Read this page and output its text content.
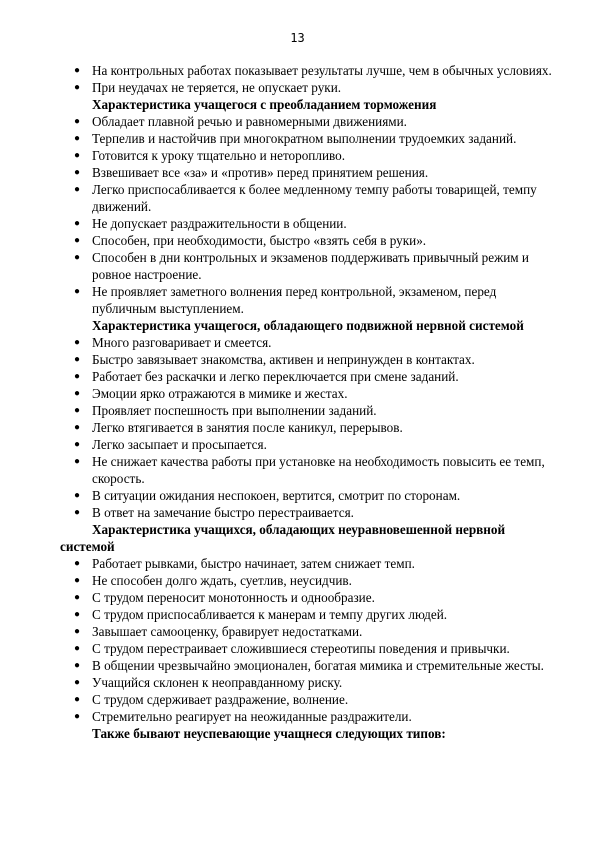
13
● На контрольных работах показывает результаты лучше, чем в обычных условиях.
● При неудачах не теряется, не опускает руки.
Характеристика учащегося с преобладанием торможения
● Обладает плавной речью и равномерными движениями.
● Терпелив и настойчив при многократном выполнении трудоемких заданий.
● Готовится к уроку тщательно и неторопливо.
● Взвешивает все «за» и «против» перед принятием решения.
● Легко приспосабливается к более медленному темпу работы товарищей, темпу движений.
● Не допускает раздражительности в общении.
● Способен, при необходимости, быстро «взять себя в руки».
● Способен в дни контрольных и экзаменов поддерживать привычный режим и ровное настроение.
● Не проявляет заметного волнения перед контрольной, экзаменом, перед публичным выступлением.
Характеристика учащегося, обладающего подвижной нервной системой
● Много разговаривает и смеется.
● Быстро завязывает знакомства, активен и непринужден в контактах.
● Работает без раскачки и легко переключается при смене заданий.
● Эмоции ярко отражаются в мимике и жестах.
● Проявляет поспешность при выполнении заданий.
● Легко втягивается в занятия после каникул, перерывов.
● Легко засыпает и просыпается.
● Не снижает качества работы при установке на необходимость повысить ее темп, скорость.
● В ситуации ожидания неспокоен, вертится, смотрит по сторонам.
● В ответ на замечание быстро перестраивается.
Характеристика учащихся, обладающих неуравновешенной нервной системой
● Работает рывками, быстро начинает, затем снижает темп.
● Не способен долго ждать, суетлив, неусидчив.
● С трудом переносит монотонность и однообразие.
● С трудом приспосабливается к манерам и темпу других людей.
● Завышает самооценку, бравирует недостатками.
● С трудом перестраивает сложившиеся стереотипы поведения и привычки.
● В общении чрезвычайно эмоционален, богатая мимика и стремительные жесты.
● Учащийся склонен к неоправданному риску.
● С трудом сдерживает раздражение, волнение.
● Стремительно реагирует на неожиданные раздражители.
Также бывают неуспевающие учащнеся следующих типов:
